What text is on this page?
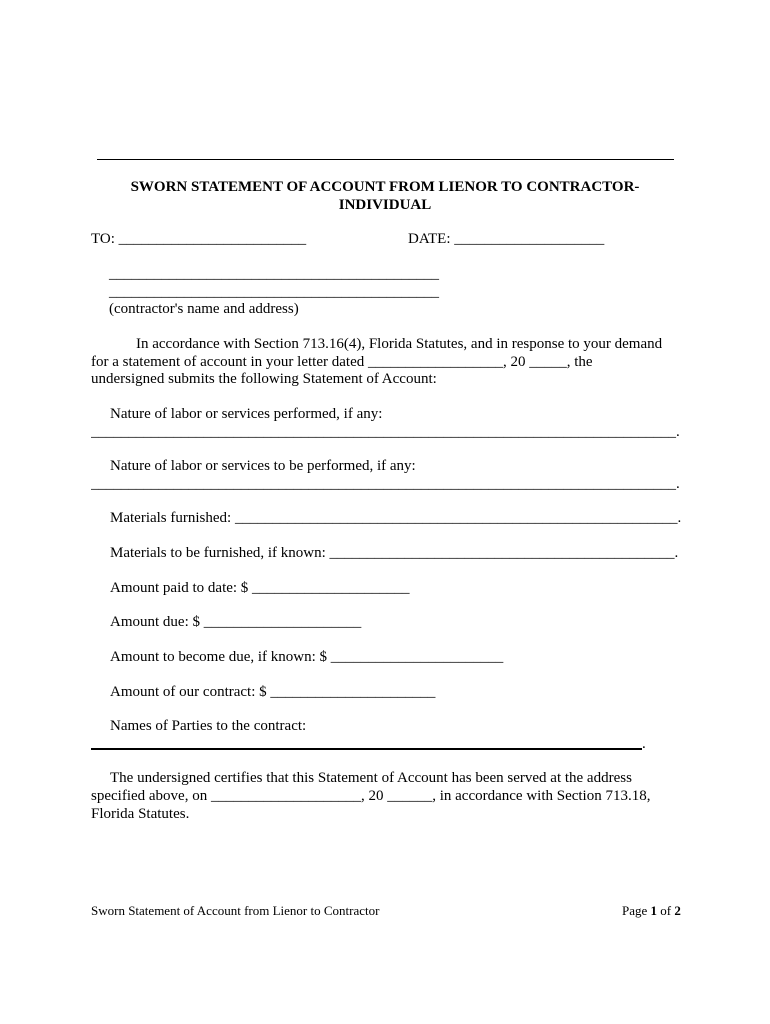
SWORN STATEMENT OF ACCOUNT FROM LIENOR TO CONTRACTOR-
INDIVIDUAL
TO: _________________________	DATE: ____________________
____________________________________________
____________________________________________
(contractor's name and address)
In accordance with Section 713.16(4), Florida Statutes, and in response to your demand
for a statement of account in your letter dated __________________, 20 _____, the
undersigned submits the following Statement of Account:
Nature of labor or services performed, if any:
______________________________________________________________________________.
Nature of labor or services to be performed, if any:
______________________________________________________________________________.
Materials furnished: ___________________________________________________________.
Materials to be furnished, if known: ______________________________________________.
Amount paid to date: $ _____________________
Amount due: $ _____________________
Amount to become due, if known: $ _______________________
Amount of our contract: $ ______________________
Names of Parties to the contract:
.
The undersigned certifies that this Statement of Account has been served at the address
specified above, on ____________________, 20 ______, in accordance with Section 713.18,
Florida Statutes.
Sworn Statement of Account from Lienor to Contractor	Page 1 of 2
